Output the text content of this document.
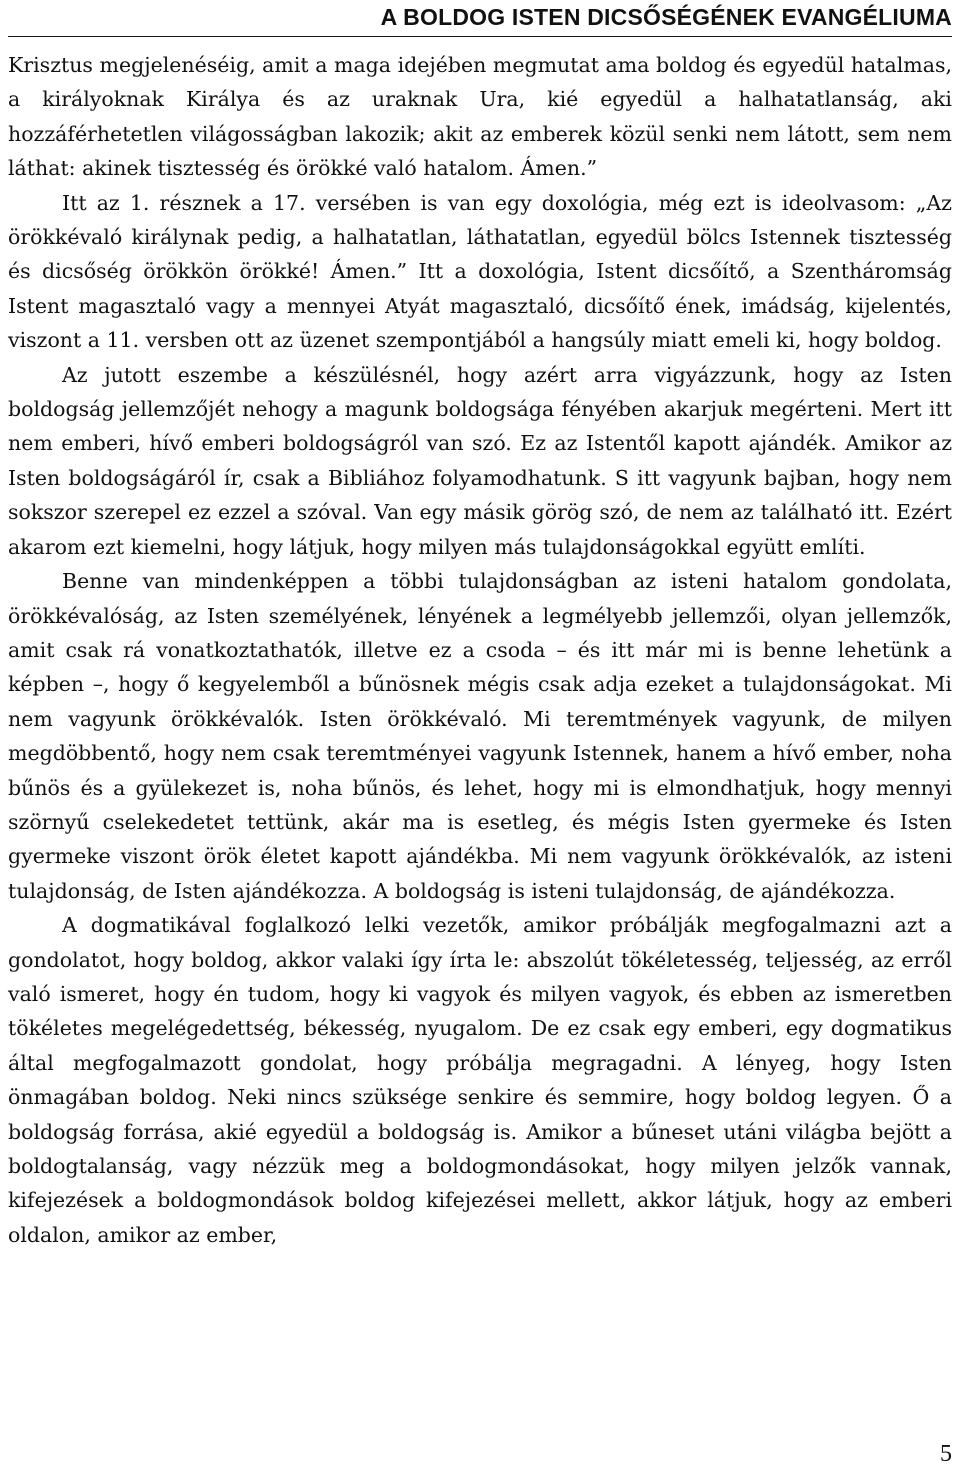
A BOLDOG ISTEN DICSŐSÉGÉNEK EVANGÉLIUMA

Krisztus megjelenéséig, amit a maga idejében megmutat ama boldog és egyedül hatalmas, a királyoknak Királya és az uraknak Ura, kié egyedül a halhatatlanság, aki hozzáférhetetlen világosságban lakozik; akit az emberek közül senki nem látott, sem nem láthat: akinek tisztesség és örökké való hatalom. Ámen.”

Itt az 1. résznek a 17. versében is van egy doxológia, még ezt is ideolvasom: „Az örökkévaló királynak pedig, a halhatatlan, láthatatlan, egyedül bölcs Istennek tisztesség és dicsőség örökkön örökké! Ámen.” Itt a doxológia, Istent dicsőítő, a Szentháromság Istent magasztaló vagy a mennyei Atyát magasztaló, dicsőítő ének, imádság, kijelentés, viszont a 11. versben ott az üzenet szempontjából a hangsúly miatt emeli ki, hogy boldog.

Az jutott eszembe a készülésnél, hogy azért arra vigyázzunk, hogy az Isten boldogság jellemzőjét nehogy a magunk boldogsága fényében akarjuk megérteni. Mert itt nem emberi, hívő emberi boldogságról van szó. Ez az Istentől kapott ajándék. Amikor az Isten boldogságáról ír, csak a Bibliához folyamodhatunk. S itt vagyunk bajban, hogy nem sokszor szerepel ez ezzel a szóval. Van egy másik görög szó, de nem az található itt. Ezért akarom ezt kiemelni, hogy látjuk, hogy milyen más tulajdonságokkal együtt említi.

Benne van mindenképpen a többi tulajdonságban az isteni hatalom gondolata, örökkévalóság, az Isten személyének, lényének a legmélyebb jellemzői, olyan jellemzők, amit csak rá vonatkoztathatók, illetve ez a csoda – és itt már mi is benne lehetünk a képben –, hogy ő kegyelemből a bűnösnek mégis csak adja ezeket a tulajdonságokat. Mi nem vagyunk örökkévalók. Isten örökkévaló. Mi teremtmények vagyunk, de milyen megdöbbentő, hogy nem csak teremtményei vagyunk Istennek, hanem a hívő ember, noha bűnös és a gyülekezet is, noha bűnös, és lehet, hogy mi is elmondhatjuk, hogy mennyi szörnyű cselekedetet tettünk, akár ma is esetleg, és mégis Isten gyermeke és Isten gyermeke viszont örök életet kapott ajándékba. Mi nem vagyunk örökkévalók, az isteni tulajdonság, de Isten ajándékozza. A boldogság is isteni tulajdonság, de ajándékozza.

A dogmatikával foglalkozó lelki vezetők, amikor próbálják megfogalmazni azt a gondolatot, hogy boldog, akkor valaki így írta le: abszolút tökéletesség, teljesség, az erről való ismeret, hogy én tudom, hogy ki vagyok és milyen vagyok, és ebben az ismeretben tökéletes megelégedettség, békesség, nyugalom. De ez csak egy emberi, egy dogmatikus által megfogalmazott gondolat, hogy próbálja megragadni. A lényeg, hogy Isten önmagában boldog. Neki nincs szüksége senkire és semmire, hogy boldog legyen. Ő a boldogság forrása, akié egyedül a boldogság is. Amikor a bűneset utáni világba bejött a boldogtalanság, vagy nézzük meg a boldogmondásokat, hogy milyen jelzők vannak, kifejezések a boldogmondások boldog kifejezései mellett, akkor látjuk, hogy az emberi oldalon, amikor az ember,

5
